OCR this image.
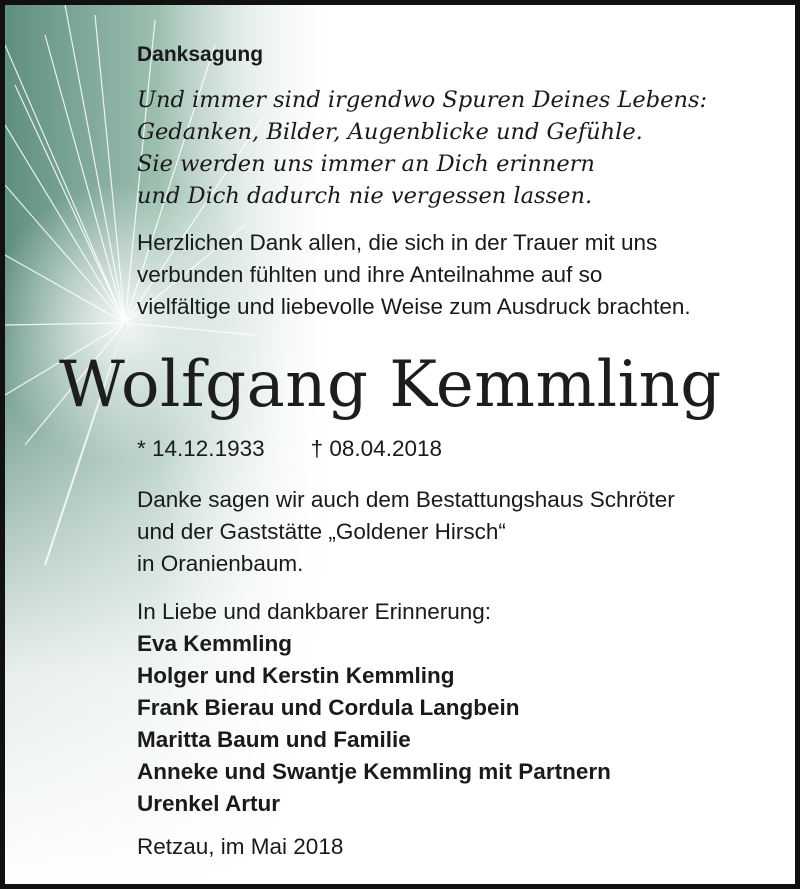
Danksagung
Und immer sind irgendwo Spuren Deines Lebens:
Gedanken, Bilder, Augenblicke und Gefühle.
Sie werden uns immer an Dich erinnern
und Dich dadurch nie vergessen lassen.
Herzlichen Dank allen, die sich in der Trauer mit uns
verbunden fühlten und ihre Anteilnahme auf so
vielfältige und liebevolle Weise zum Ausdruck brachten.
Wolfgang Kemmling
* 14.12.1933 † 08.04.2018
Danke sagen wir auch dem Bestattungshaus Schröter
und der Gaststätte „Goldener Hirsch“
in Oranienbaum.
In Liebe und dankbarer Erinnerung:
Eva Kemmling
Holger und Kerstin Kemmling
Frank Bierau und Cordula Langbein
Maritta Baum und Familie
Anneke und Swantje Kemmling mit Partnern
Urenkel Artur
Retzau, im Mai 2018
